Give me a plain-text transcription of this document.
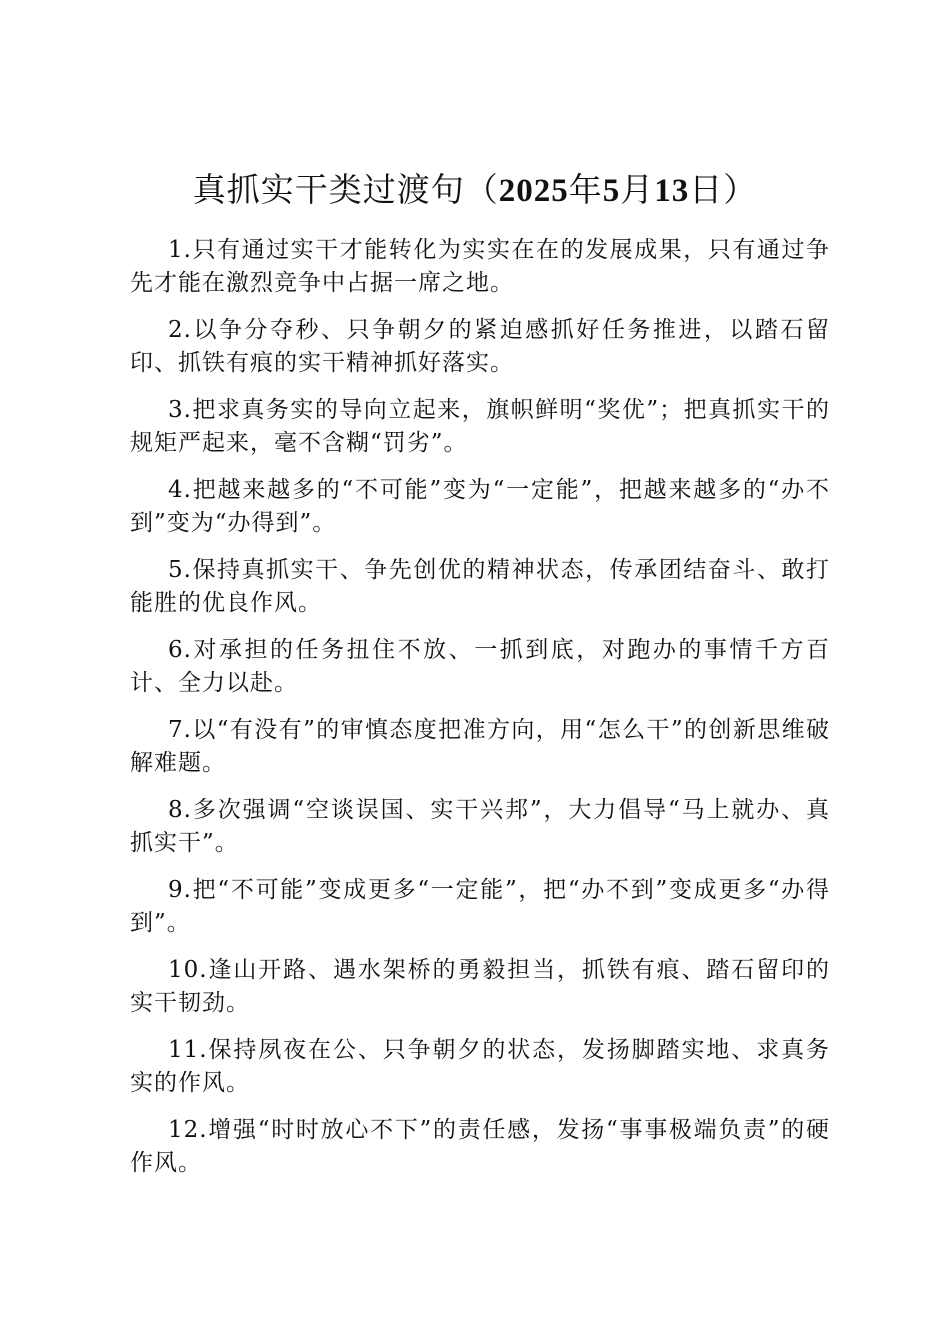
真抓实干类过渡句（2025年5月13日）

1.只有通过实干才能转化为实实在在的发展成果，只有通过争先才能在激烈竞争中占据一席之地。

2.以争分夺秒、只争朝夕的紧迫感抓好任务推进，以踏石留印、抓铁有痕的实干精神抓好落实。

3.把求真务实的导向立起来，旗帜鲜明“奖优”；把真抓实干的规矩严起来，毫不含糊“罚劣”。

4.把越来越多的“不可能”变为“一定能”，把越来越多的“办不到”变为“办得到”。

5.保持真抓实干、争先创优的精神状态，传承团结奋斗、敢打能胜的优良作风。

6.对承担的任务扭住不放、一抓到底，对跑办的事情千方百计、全力以赴。

7.以“有没有”的审慎态度把准方向，用“怎么干”的创新思维破解难题。

8.多次强调“空谈误国、实干兴邦”，大力倡导“马上就办、真抓实干”。

9.把“不可能”变成更多“一定能”，把“办不到”变成更多“办得到”。

10.逢山开路、遇水架桥的勇毅担当，抓铁有痕、踏石留印的实干韧劲。

11.保持夙夜在公、只争朝夕的状态，发扬脚踏实地、求真务实的作风。

12.增强“时时放心不下”的责任感，发扬“事事极端负责”的硬作风。
